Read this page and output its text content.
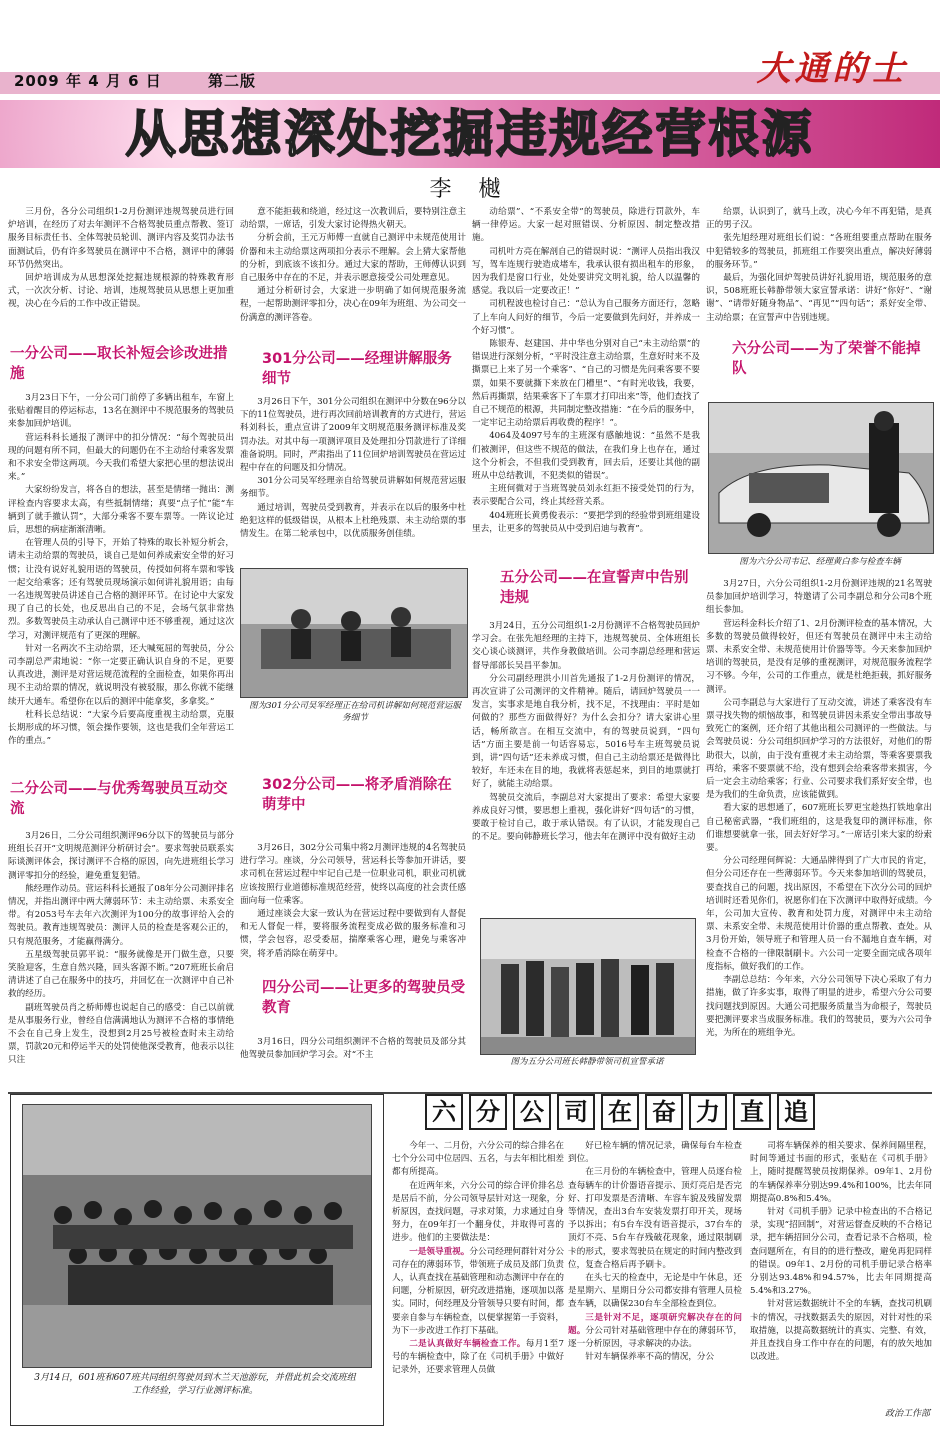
2009 年 4 月 6 日	第二版	大通的士
从思想深处挖掘违规经营根源
李 樾

三月份，各分公司组织1-2月份测评违规驾驶员进行回炉培训，在经历了对去年测评不合格驾驶员重点帮教、签订服务目标责任书、全体驾驶员轮训、测评内容及奖罚办法书面测试后，仍有许多驾驶员在测评中不合格，测评中的薄弱环节仍然突出。

回炉培训成为从思想深处挖掘违规根源的特殊教育形式，一次次分析、讨论、培训，违规驾驶员从思想上更加重视，决心在今后的工作中改正错误。

一分公司——取长补短会诊改进措施

3月23日下午，一分公司门前停了多辆出租车，车窗上张贴着醒目的停运标志，13名在测评中不规范服务的驾驶员来参加回炉培训。

营运科科长通报了测评中的扣分情况：“每个驾驶员出现的问题有所不同，但最大的问题仍在不主动给付乘客发票和不求安全带这两项。今天我们希望大家把心里的想法说出来。”

大家纷纷发言，将各自的想法，甚至是情绪一抛出：测评检查内容要求太高，有些抵制情绪；真要“点子忙”能“车辆到了就手撤认罚”，大部分乘客不要车票等。一阵议论过后，思想的病症渐渐清晰。

在管理人员的引导下，开始了特殊的取长补短分析会，请未主动给票的驾驶员，谈自己是如何养成索安全带的好习惯；让没有说好礼貌用语的驾驶员，传授如何将车票和零钱一起交给乘客；还有驾驶员现场演示如何讲礼貌用语；由每一名违规驾驶员讲述自己合格的测评环节。在讨论中大家发现了自己的长处，也反思出自己的不足，会场气氛非常热烈。多数驾驶员主动承认自己测评中还不够重视，通过这次学习，对测评规范有了更深的理解。

针对一名两次不主动给票，还大喊冤屈的驾驶员，分公司李副总严肃地说：“你一定要正确认识自身的不足，更要认真改进，测评是对营运规范流程的全面检查，如果你再出现不主动给票的情况，就说明没有被驳服，那么你就不能继续开大通车。希望你在以后的测评中能拿奖，多拿奖。”

杜科长总结说：“大家今后要高度重视主动给票，克服长期形成的坏习惯，领会操作要领，这也是我们全年营运工作的重点。”

二分公司——与优秀驾驶员互动交流

3月26日，二分公司组织测评96分以下的驾驶员与部分班组长召开“文明规范测评分析研讨会”。要求驾驶员联系实际谈测评体会，探讨测评不合格的原因，向先进班组长学习测评零扣分的经验，避免重复犯错。

熊经理作动员。营运科科长通报了08年分公司测评排名情况，并指出测评中两大薄弱环节：未主动给票、未系安全带。有2053号车去年六次测评为100分的故事评给入会的驾驶员。教育违规驾驶员：测评人员的检查是客观公正的，只有规范服务，才能赢得满分。

五星级驾驶员郭平说：“服务就像是开门做生意，只要笑脸迎客，生意自然兴隆，回头客源不断。”207班班长俞启清讲述了自己在服务中的技巧，并回忆在一次测评中自己补救的经历。

副班驾驶员肖之桥师傅也说起自己的感受：自己以前就是从事服务行业，曾经自信满满地认为测评不合格的事情绝不会在自己身上发生，没想到2月25号被检查时未主动给票，罚款20元和停运半天的处罚使他深受教育，他表示以往只注

意不能拒载和绕道，经过这一次教训后，要特别注意主动给票，一席话，引发大家讨论得热火朝天。

分析会前，王元万师傅一直就自己测评中未规范使用计价器和未主动给票这两项扣分表示不理解。会上猜大家帮他的分析，到底该不该扣分。通过大家的帮助，王师傅认识到自己服务中存在的不足，并表示愿意接受公司处理意见。

通过分析研讨会，大家进一步明确了如何规范服务流程，一起帮助测评零扣分，决心在09年为班组、为公司交一份满意的测评答卷。

301分公司——经理讲解服务细节

3月26日下午，301分公司组织在测评中分数在96分以下的11位驾驶员，进行再次回前培训教育的方式进行，营运科刘科长，重点宣讲了2009年文明规范服务测评标准及奖罚办法。对其中每一项测评项目及处理扣分罚款进行了详细准备说明。同时，严肃指出了11位回炉培训驾驶员在营运过程中存在的问题及扣分情况。

301分公司吴军经理亲自给驾驶员讲解如何规范营运服务细节。

通过培训，驾驶员受到教育，并表示在以后的服务中杜绝犯这样的低级错误，从根本上杜绝残票、未主动给票的事情发生。在第二轮承包中，以优质服务创佳绩。

图为301分公司吴军经理正在给司机讲解如何规范营运服务细节
302分公司——将矛盾消除在萌芽中

3月26日，302分公司集中将2月测评违规的4名驾驶员进行学习。座谈，分公司领导，营运科长等参加开讲话，要求司机在营运过程中牢记自己是一位职业司机，职业司机就应该按照行业道德标准规范经营，使终以高度的社会责任感面向每一位乘客。

通过座谈会大家一致认为在营运过程中要做到有人督促和无人督促一样，要将服务流程变成必做的服务标准和习惯，学会包容，忍受委屈，揣摩乘客心理，避免与乘客冲突，将矛盾消除在萌芽中。

四分公司——让更多的驾驶员受教育

3月16日，四分公司组织测评不合格的驾驶员及部分其他驾驶员参加回炉学习会。对“不主

动给票”、“不系安全带”的驾驶员，除进行罚款外，车辆一律停运。大家一起对照错误、分析原因、制定整改措施。

司机叶方亮在解剖自己的错误时说：“测评人员指出我汉写，驾车连规行驶造成堵车，我承认很有损出租车的形象，因为我们是窗口行业，处处要讲究文明礼貌，给人以温馨的感觉。我以后一定要改正！”

司机程波也检讨自己：“总认为自己服务方面还行，忽略了上车向人问好的细节，今后一定要做到先问好，并养成一个好习惯”。

陈银寿、赵建国、井中华也分别对自己“未主动给票”的错误进行深刻分析，“平时没注意主动给票，生意好时来不及撕票已上来了另一个乘客”、“自己的习惯是先问乘客要不要票，如果不要就撕下来放在门槽里”、“有时光收钱，我要，然后再撕票，结果乘客下了车票才打印出来”等，他们查找了自己不规范的根源，共同制定整改措施：“在今后的服务中，一定牢记主动给票后再收费的程序！”。

4064及4097号车的主班深有感触地说：“虽然不是我们被测评，但这些不规范的做法，在我们身上也存在，通过这个分析会，不但我们受到教育，回去后，还要让其他的副班从中总结教训，不犯类似的错误”。

主班何微对于当班驾驶员刘永红拒不接受处罚的行为，表示要配合公司，终止其经营关系。

404班班长黄勇俊表示：“要把学到的经验带到班组建设里去，让更多的驾驶员从中受到启迪与教育”。

五分公司——在宣誓声中告别违规

3月24日，五分公司组织1-2月份测评不合格驾驶员回炉学习会。在张先旭经理的主持下，违规驾驶员、全体班组长交心谈心谈测评，共作身教做培训。公司李副总经理和营运督导部部长吴昌平参加。

分公司副经理洪小川首先通报了1-2月份测评的情况，再次宣讲了公司测评的文件精神。随后，请回炉驾驶员一一发言，实事求是地自我分析，找不足，不找理由：平时是如何做的？那些方面做得好？为什么会扣分？请大家讲心里话，畅所欲言。在相互交流中，有的驾驶员说到，“四句话”方面主要是前一句话容易忘，5016号车主班驾驶员说到，讲“四句话”还未养成习惯，但自己主动给票还是做得比较好，车还未在目的地，我就将表惩起来，到目的地票就打好了，就能主动给票。

驾驶员交流后，李副总对大家提出了要求：希望大家要养成良好习惯，要思想上重视，强化讲好“四句话”的习惯，要敢于检讨自己，敢于承认错误。有了认识，才能发现自己的不足。要向韩静班长学习，他去年在测评中没有做好主动

图为五分公司班长韩静带领司机宣誓承诺

给票，认识到了，就马上改，决心今年不再犯错，是真正的男子汉。

张先旭经理对班组长们说：“各班组要重点帮助在服务中犯错较多的驾驶员，抓班组工作要突出重点，解决好薄弱的服务环节。”

最后，为强化回炉驾驶员讲好礼貌用语，规范服务的意识，508班班长韩静带领大家宣誓承诺：讲好“你好”、“谢谢”、“请带好随身物品”、“再见”“四句话”；系好安全带、主动给票；在宣誓声中告别违规。

六分公司——为了荣誉不能掉队
图为六分公司韦记、经理黄白参与检查车辆

3月27日，六分公司组织1-2月份测评违规的21名驾驶员参加回炉培训学习，特邀请了公司李副总和分公司8个班组长参加。

营运科金科长介绍了1、2月份测评检查的基本情况，大多数的驾驶员做得较好，但还有驾驶员在测评中未主动给票、未系安全带、未规范使用计价器等等。今天来参加回炉培训的驾驶员，是没有足够的重视测评，对规范服务流程学习不够。今年，公司的工作重点，就是杜绝拒载，抓好服务测评。

公司李副总与大家进行了互动交流，讲述了乘客没有车票寻找失物的烦恼故事，和驾驶员讲因未系安全带出事故导致死亡的案例，还介绍了其他出租公司测评的一些做法。与会驾驶员说：分公司组织回炉学习的方法很好，对他们的帮助很大，以前，由于没有重视才未主动给票，等乘客要票我再给，乘客不要票就不给，没有想到会给乘客带来损害，今后一定会主动给乘客；行业、公司要求我们系好安全带，也是为我们的生命负责，应该能做到。

看大家的思想通了，607班班长罗更宝趁热打铁地拿出自己秘密武器，“我们班组的，这是我复印的测评标准，你们谁想要就拿一张，回去好好学习。”一席话引来大家的纷索要。

分公司经理何辉说：大通品牌得到了广大市民的肯定，但分公司还存在一些薄弱环节。今天来参加培训的驾驶员，要查找自己的问题，找出原因，不希望在下次分公司的回炉培训时还看见你们，祝愿你们在下次测评中取得好成绩。今年，公司加大宣传、教育和处罚力度，对测评中未主动给票、未系安全带、未规范使用计价器的重点帮教、查处。从3月份开始，领导班子和管理人员一台不漏地自查车辆，对检查不合格的一律限制刷卡。六公司一定要全面完成各项年度指标，做好我们的工作。

李副总总结：今年来，六分公司领导下决心采取了有力措施，做了许多实事，取得了明显的进步，希望六分公司要找问题找到原因。大通公司把服务质量当为命根子，驾驶员要把测评要求当成服务标准。我们的驾驶员，要为六公司争光，为所在的班组争光。

3月14日，601班和607班共同组织驾驶员到木兰天池游玩，并借此机会交流班组工作经验，学习行业测评标准。
六 分 公 司 在 奋 力 直 追

今年一、二月份，六分公司的综合排名在七个分公司中位居四、五名，与去年相比相差都有所提高。

在近两年来，六分公司的综合评价排名总是居后不前，分公司领导层针对这一现象，分析原因，查找问题，寻求对策，力求通过自身努力，在09年打一个翻身仗，并取得可喜的进步。他们的主要做法是：

一是领导重视。分公司经理何群针对分公司存在的薄弱环节，带领班子成员及部门负责人，认真查找在基础管理和动态测评中存在的问题，分析原因，研究改进措施，逐项加以落实。同时，何经理及分管领导只要有时间，都要亲自参与车辆检查，以便掌握第一手资料，为下一步改进工作打下基础。

二是认真做好车辆检查工作。每月1至7号的车辆检查中，除了在《司机手册》中做好记录外，还要求管理人员做

好已检车辆的情况记录，确保每台车检查到位。

在三月份的车辆检查中，管理人员逐台检查每辆车的计价器语音提示、顶灯亮启是否完好、打印发票是否清晰、车容车貌及残留发票等情况，查出3台车安装发票打印开关，现场予以拆出；有5台车没有语音提示，37台车的顶灯不亮、5台车存残破花现象，通过限制刷卡的形式，要求驾驶员在规定的时间内整改到位，复查合格后再予刷卡。

在头七天的检查中，无论是中午休息，还是星期六、星期日分公司都安排有管理人员检查车辆，以确保230台车全部检查到位。

三是针对不足，逐项研究解决存在的问题。分公司针对基础管理中存在的薄弱环节，逐一分析原因，寻求解决的办法。

针对车辆保养率不高的情况，分公

司将车辆保养的相关要求、保养间隔里程，时间等通过书面的形式，张贴在《司机手册》上，随时提醒驾驶员按期保养。09年1、2月份的车辆保养率分别达99.4%和100%，比去年同期提高0.8%和5.4%。

针对《司机手册》记录中检查出的不合格记录，实现“招回制”，对营运督查反映的不合格记录，把车辆招回分公司，查看记录不合格项，检查问题所在，有目的的进行整改，避免再犯同样的错误。09年1、2月份的司机手册记录合格率分别达93.48%和94.57%，比去年同期提高5.4%和3.27%。

针对营运数据统计不全的车辆，查找司机刷卡的情况，寻找数据丢失的原因，对针对性的采取措施，以提高数据统计的真实、完整、有效，并且查找自身工作中存在的问题，有的放矢地加以改进。

政治工作部
